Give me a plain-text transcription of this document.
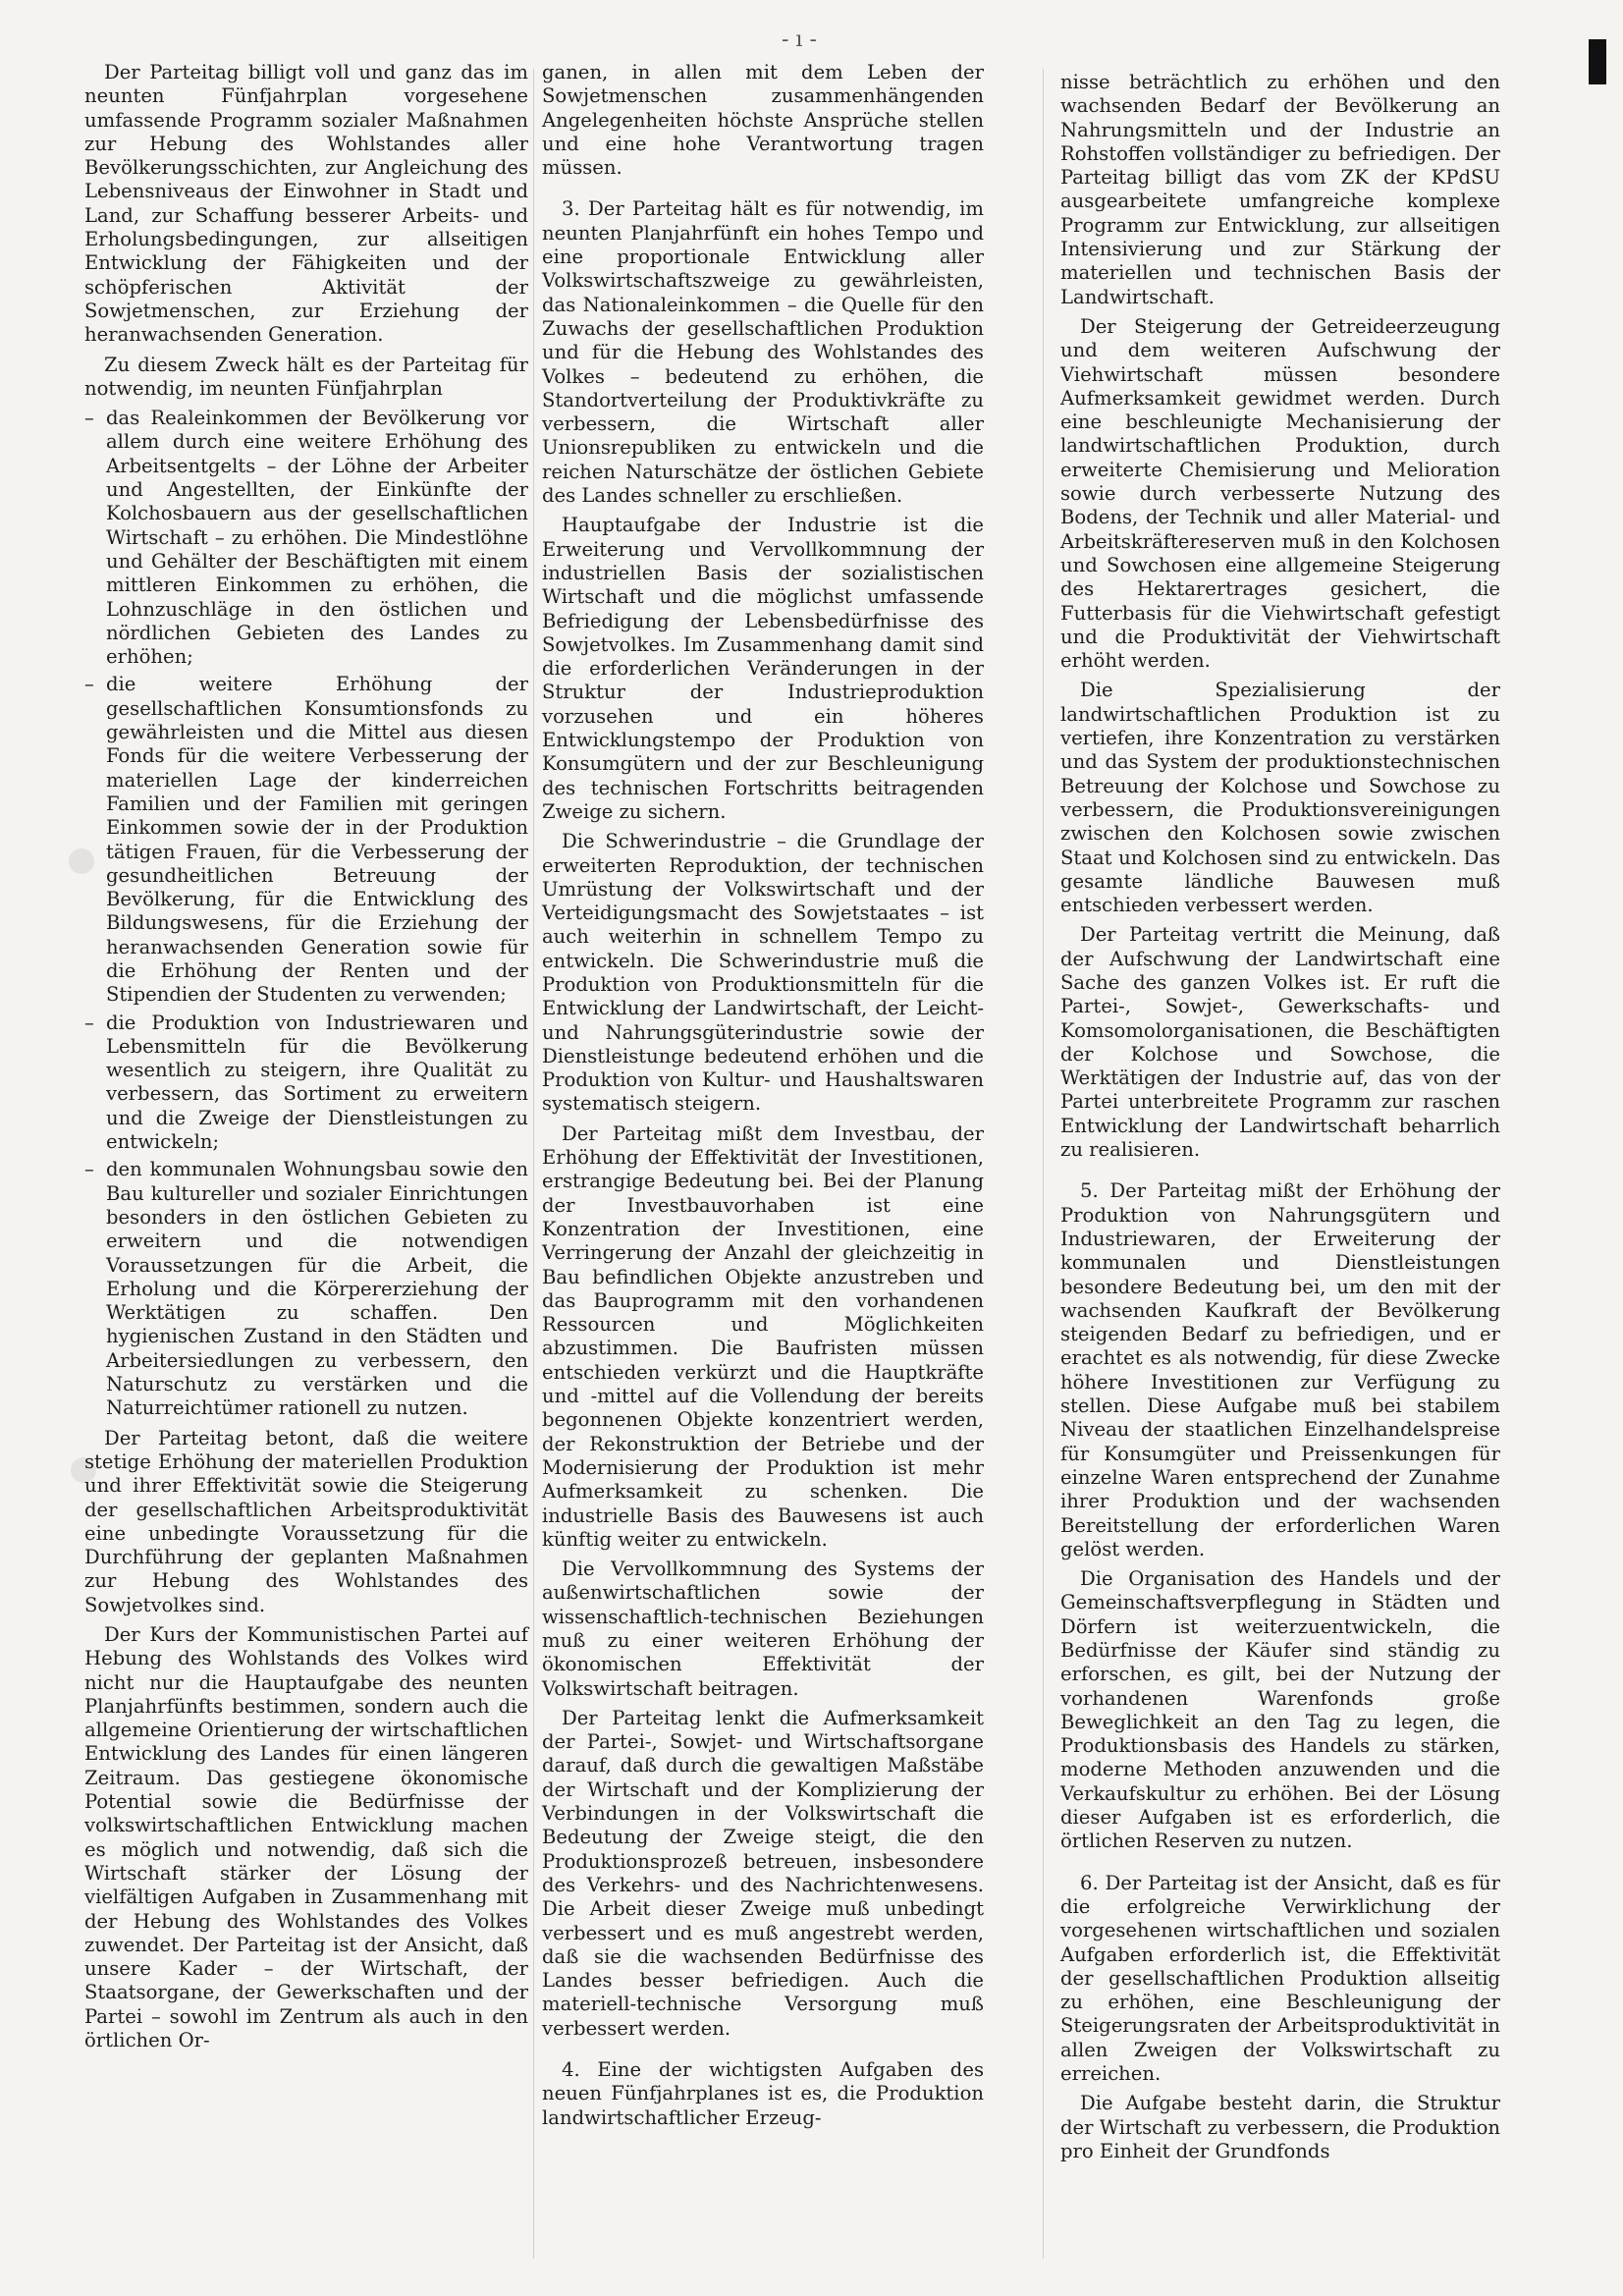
- ı -

Der Parteitag billigt voll und ganz das im neunten Fünfjahrplan vorgesehene umfassende Programm sozialer Maßnahmen zur Hebung des Wohlstandes aller Bevölkerungsschichten, zur Angleichung des Lebensniveaus der Einwohner in Stadt und Land, zur Schaffung besserer Arbeits- und Erholungsbedingungen, zur allseitigen Entwicklung der Fähigkeiten und der schöpferischen Aktivität der Sowjetmenschen, zur Erziehung der heranwachsenden Generation.

Zu diesem Zweck hält es der Parteitag für notwendig, im neunten Fünfjahrplan

– das Realeinkommen der Bevölkerung vor allem durch eine weitere Erhöhung des Arbeitsentgelts – der Löhne der Arbeiter und Angestellten, der Einkünfte der Kolchosbauern aus der gesellschaftlichen Wirtschaft – zu erhöhen. Die Mindestlöhne und Gehälter der Beschäftigten mit einem mittleren Einkommen zu erhöhen, die Lohnzuschläge in den östlichen und nördlichen Gebieten des Landes zu erhöhen;
– die weitere Erhöhung der gesellschaftlichen Konsumtionsfonds zu gewährleisten und die Mittel aus diesen Fonds für die weitere Verbesserung der materiellen Lage der kinderreichen Familien und der Familien mit geringen Einkommen sowie der in der Produktion tätigen Frauen, für die Verbesserung der gesundheitlichen Betreuung der Bevölkerung, für die Entwicklung des Bildungswesens, für die Erziehung der heranwachsenden Generation sowie für die Erhöhung der Renten und der Stipendien der Studenten zu verwenden;
– die Produktion von Industriewaren und Lebensmitteln für die Bevölkerung wesentlich zu steigern, ihre Qualität zu verbessern, das Sortiment zu erweitern und die Zweige der Dienstleistungen zu entwickeln;
– den kommunalen Wohnungsbau sowie den Bau kultureller und sozialer Einrichtungen besonders in den östlichen Gebieten zu erweitern und die notwendigen Voraussetzungen für die Arbeit, die Erholung und die Körpererziehung der Werktätigen zu schaffen. Den hygienischen Zustand in den Städten und Arbeitersiedlungen zu verbessern, den Naturschutz zu verstärken und die Naturreichtümer rationell zu nutzen.

Der Parteitag betont, daß die weitere stetige Erhöhung der materiellen Produktion und ihrer Effektivität sowie die Steigerung der gesellschaftlichen Arbeitsproduktivität eine unbedingte Voraussetzung für die Durchführung der geplanten Maßnahmen zur Hebung des Wohlstandes des Sowjetvolkes sind.

Der Kurs der Kommunistischen Partei auf Hebung des Wohlstands des Volkes wird nicht nur die Hauptaufgabe des neunten Planjahrfünfts bestimmen, sondern auch die allgemeine Orientierung der wirtschaftlichen Entwicklung des Landes für einen längeren Zeitraum. Das gestiegene ökonomische Potential sowie die Bedürfnisse der volkswirtschaftlichen Entwicklung machen es möglich und notwendig, daß sich die Wirtschaft stärker der Lösung der vielfältigen Aufgaben in Zusammenhang mit der Hebung des Wohlstandes des Volkes zuwendet. Der Parteitag ist der Ansicht, daß unsere Kader – der Wirtschaft, der Staatsorgane, der Gewerkschaften und der Partei – sowohl im Zentrum als auch in den örtlichen Or-

ganen, in allen mit dem Leben der Sowjetmenschen zusammenhängenden Angelegenheiten höchste Ansprüche stellen und eine hohe Verantwortung tragen müssen.

3. Der Parteitag hält es für notwendig, im neunten Planjahrfünft ein hohes Tempo und eine proportionale Entwicklung aller Volkswirtschaftszweige zu gewährleisten, das Nationaleinkommen – die Quelle für den Zuwachs der gesellschaftlichen Produktion und für die Hebung des Wohlstandes des Volkes – bedeutend zu erhöhen, die Standortverteilung der Produktivkräfte zu verbessern, die Wirtschaft aller Unionsrepubliken zu entwickeln und die reichen Naturschätze der östlichen Gebiete des Landes schneller zu erschließen.

Hauptaufgabe der Industrie ist die Erweiterung und Vervollkommnung der industriellen Basis der sozialistischen Wirtschaft und die möglichst umfassende Befriedigung der Lebensbedürfnisse des Sowjetvolkes. Im Zusammenhang damit sind die erforderlichen Veränderungen in der Struktur der Industrieproduktion vorzusehen und ein höheres Entwicklungstempo der Produktion von Konsumgütern und der zur Beschleunigung des technischen Fortschritts beitragenden Zweige zu sichern.

Die Schwerindustrie – die Grundlage der erweiterten Reproduktion, der technischen Umrüstung der Volkswirtschaft und der Verteidigungsmacht des Sowjetstaates – ist auch weiterhin in schnellem Tempo zu entwickeln. Die Schwerindustrie muß die Produktion von Produktionsmitteln für die Entwicklung der Landwirtschaft, der Leicht- und Nahrungsgüterindustrie sowie der Dienstleistunge bedeutend erhöhen und die Produktion von Kultur- und Haushaltswaren systematisch steigern.

Der Parteitag mißt dem Investbau, der Erhöhung der Effektivität der Investitionen, erstrangige Bedeutung bei. Bei der Planung der Investbauvorhaben ist eine Konzentration der Investitionen, eine Verringerung der Anzahl der gleichzeitig in Bau befindlichen Objekte anzustreben und das Bauprogramm mit den vorhandenen Ressourcen und Möglichkeiten abzustimmen. Die Baufristen müssen entschieden verkürzt und die Hauptkräfte und -mittel auf die Vollendung der bereits begonnenen Objekte konzentriert werden, der Rekonstruktion der Betriebe und der Modernisierung der Produktion ist mehr Aufmerksamkeit zu schenken. Die industrielle Basis des Bauwesens ist auch künftig weiter zu entwickeln.

Die Vervollkommnung des Systems der außenwirtschaftlichen sowie der wissenschaftlich-technischen Beziehungen muß zu einer weiteren Erhöhung der ökonomischen Effektivität der Volkswirtschaft beitragen.

Der Parteitag lenkt die Aufmerksamkeit der Partei-, Sowjet- und Wirtschaftsorgane darauf, daß durch die gewaltigen Maßstäbe der Wirtschaft und der Komplizierung der Verbindungen in der Volkswirtschaft die Bedeutung der Zweige steigt, die den Produktionsprozeß betreuen, insbesondere des Verkehrs- und des Nachrichtenwesens. Die Arbeit dieser Zweige muß unbedingt verbessert und es muß angestrebt werden, daß sie die wachsenden Bedürfnisse des Landes besser befriedigen. Auch die materiell-technische Versorgung muß verbessert werden.

4. Eine der wichtigsten Aufgaben des neuen Fünfjahrplanes ist es, die Produktion landwirtschaftlicher Erzeug-

nisse beträchtlich zu erhöhen und den wachsenden Bedarf der Bevölkerung an Nahrungsmitteln und der Industrie an Rohstoffen vollständiger zu befriedigen. Der Parteitag billigt das vom ZK der KPdSU ausgearbeitete umfangreiche komplexe Programm zur Entwicklung, zur allseitigen Intensivierung und zur Stärkung der materiellen und technischen Basis der Landwirtschaft.

Der Steigerung der Getreideerzeugung und dem weiteren Aufschwung der Viehwirtschaft müssen besondere Aufmerksamkeit gewidmet werden. Durch eine beschleunigte Mechanisierung der landwirtschaftlichen Produktion, durch erweiterte Chemisierung und Melioration sowie durch verbesserte Nutzung des Bodens, der Technik und aller Material- und Arbeitskräftereserven muß in den Kolchosen und Sowchosen eine allgemeine Steigerung des Hektarertrages gesichert, die Futterbasis für die Viehwirtschaft gefestigt und die Produktivität der Viehwirtschaft erhöht werden.

Die Spezialisierung der landwirtschaftlichen Produktion ist zu vertiefen, ihre Konzentration zu verstärken und das System der produktionstechnischen Betreuung der Kolchose und Sowchose zu verbessern, die Produktionsvereinigungen zwischen den Kolchosen sowie zwischen Staat und Kolchosen sind zu entwickeln. Das gesamte ländliche Bauwesen muß entschieden verbessert werden.

Der Parteitag vertritt die Meinung, daß der Aufschwung der Landwirtschaft eine Sache des ganzen Volkes ist. Er ruft die Partei-, Sowjet-, Gewerkschafts- und Komsomolorganisationen, die Beschäftigten der Kolchose und Sowchose, die Werktätigen der Industrie auf, das von der Partei unterbreitete Programm zur raschen Entwicklung der Landwirtschaft beharrlich zu realisieren.

5. Der Parteitag mißt der Erhöhung der Produktion von Nahrungsgütern und Industriewaren, der Erweiterung der kommunalen und Dienstleistungen besondere Bedeutung bei, um den mit der wachsenden Kaufkraft der Bevölkerung steigenden Bedarf zu befriedigen, und er erachtet es als notwendig, für diese Zwecke höhere Investitionen zur Verfügung zu stellen. Diese Aufgabe muß bei stabilem Niveau der staatlichen Einzelhandelspreise für Konsumgüter und Preissenkungen für einzelne Waren entsprechend der Zunahme ihrer Produktion und der wachsenden Bereitstellung der erforderlichen Waren gelöst werden.

Die Organisation des Handels und der Gemeinschaftsverpflegung in Städten und Dörfern ist weiterzuentwickeln, die Bedürfnisse der Käufer sind ständig zu erforschen, es gilt, bei der Nutzung der vorhandenen Warenfonds große Beweglichkeit an den Tag zu legen, die Produktionsbasis des Handels zu stärken, moderne Methoden anzuwenden und die Verkaufskultur zu erhöhen. Bei der Lösung dieser Aufgaben ist es erforderlich, die örtlichen Reserven zu nutzen.

6. Der Parteitag ist der Ansicht, daß es für die erfolgreiche Verwirklichung der vorgesehenen wirtschaftlichen und sozialen Aufgaben erforderlich ist, die Effektivität der gesellschaftlichen Produktion allseitig zu erhöhen, eine Beschleunigung der Steigerungsraten der Arbeitsproduktivität in allen Zweigen der Volkswirtschaft zu erreichen.

Die Aufgabe besteht darin, die Struktur der Wirtschaft zu verbessern, die Produktion pro Einheit der Grundfonds
